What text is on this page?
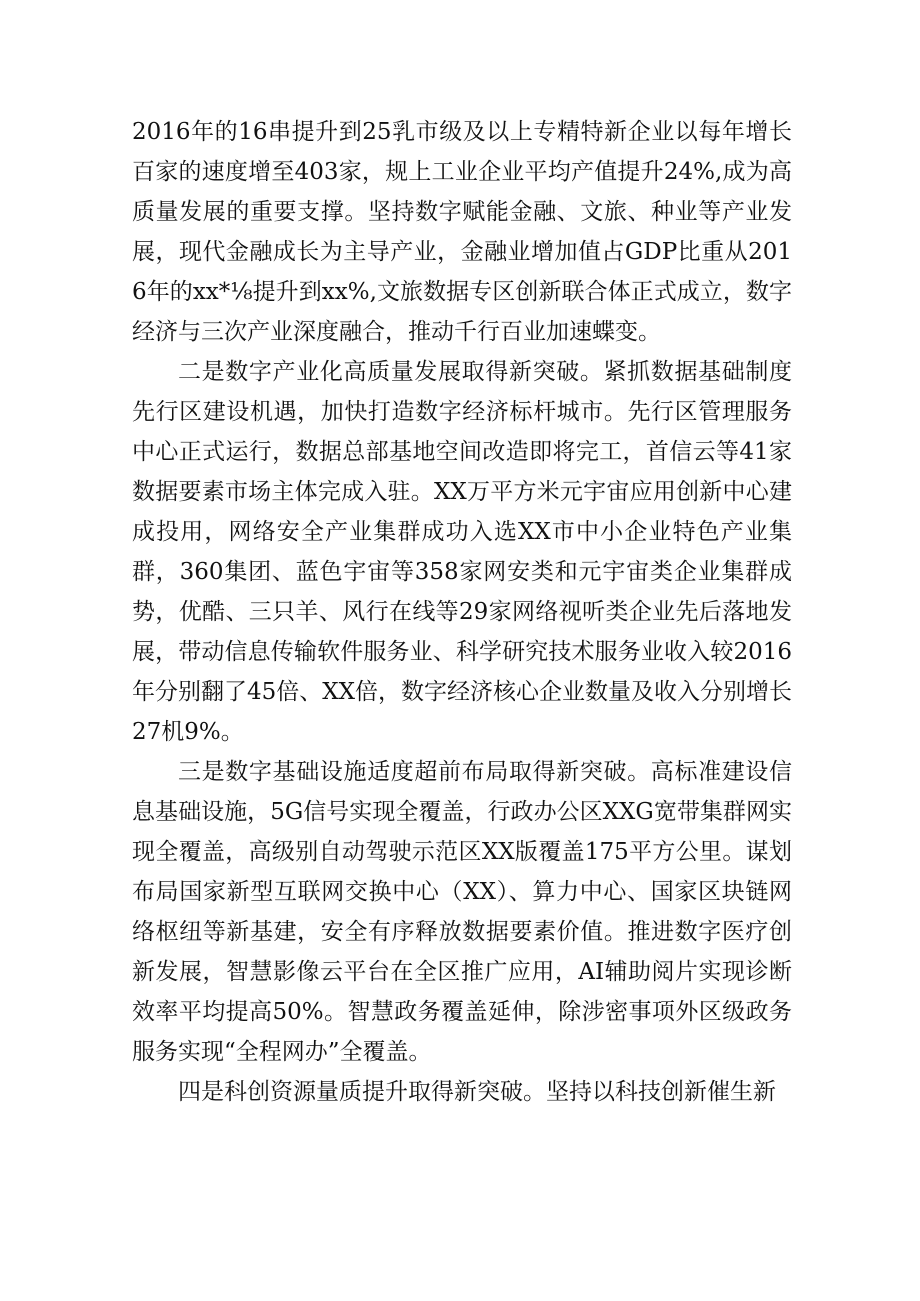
2016年的16串提升到25乳市级及以上专精特新企业以每年增长百家的速度增至403家，规上工业企业平均产值提升24%,成为高质量发展的重要支撑。坚持数字赋能金融、文旅、种业等产业发展，现代金融成长为主导产业，金融业增加值占GDP比重从2016年的xx*⅛提升到xx%,文旅数据专区创新联合体正式成立，数字经济与三次产业深度融合，推动千行百业加速蝶变。

二是数字产业化高质量发展取得新突破。紧抓数据基础制度先行区建设机遇，加快打造数字经济标杆城市。先行区管理服务中心正式运行，数据总部基地空间改造即将完工，首信云等41家数据要素市场主体完成入驻。XX万平方米元宇宙应用创新中心建成投用，网络安全产业集群成功入选XX市中小企业特色产业集群，360集团、蓝色宇宙等358家网安类和元宇宙类企业集群成势，优酷、三只羊、风行在线等29家网络视听类企业先后落地发展，带动信息传输软件服务业、科学研究技术服务业收入较2016年分别翻了45倍、XX倍，数字经济核心企业数量及收入分别增长27机9%。

三是数字基础设施适度超前布局取得新突破。高标准建设信息基础设施，5G信号实现全覆盖，行政办公区XXG宽带集群网实现全覆盖，高级别自动驾驶示范区XX版覆盖175平方公里。谋划布局国家新型互联网交换中心（XX）、算力中心、国家区块链网络枢纽等新基建，安全有序释放数据要素价值。推进数字医疗创新发展，智慧影像云平台在全区推广应用，AI辅助阅片实现诊断效率平均提高50%。智慧政务覆盖延伸，除涉密事项外区级政务服务实现“全程网办”全覆盖。

四是科创资源量质提升取得新突破。坚持以科技创新催生新
